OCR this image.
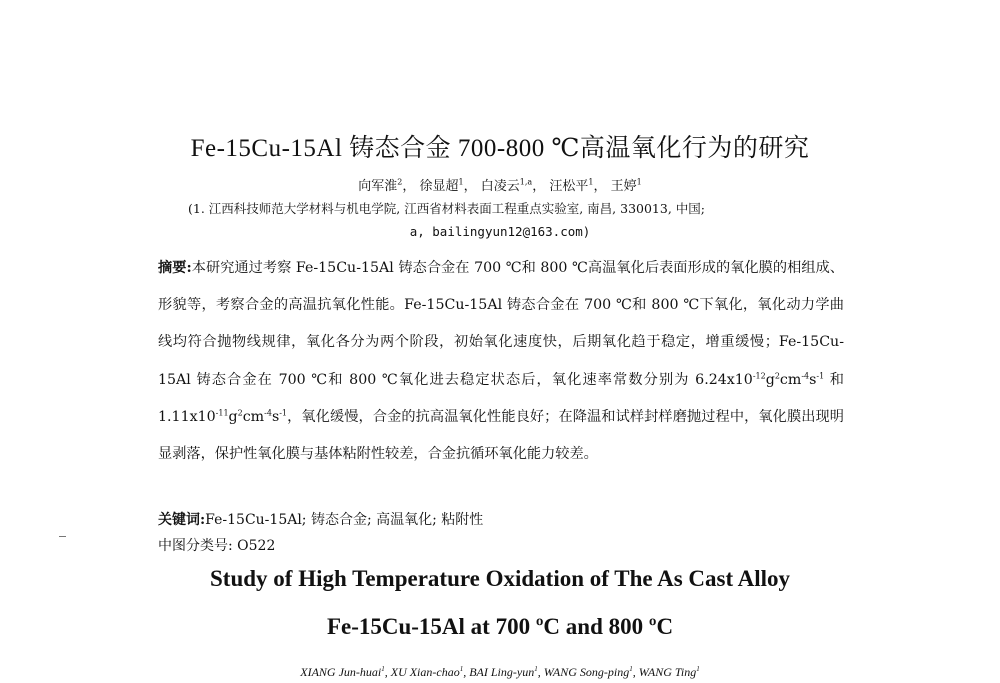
Fe-15Cu-15Al 铸态合金 700-800 ℃高温氧化行为的研究
向军淮$^2$， 徐显超$^1$， 白凌云$^{1,a}$， 汪松平$^1$， 王婷$^1$
(1. 江西科技师范大学材料与机电学院, 江西省材料表面工程重点实验室, 南昌, 330013, 中国;
a, bailingyun12@163.com)
摘要:本研究通过考察 Fe-15Cu-15Al 铸态合金在 700 ℃和 800 ℃高温氧化后表面形成的氧化膜的相组成、形貌等，考察合金的高温抗氧化性能。Fe-15Cu-15Al 铸态合金在 700 ℃和 800 ℃下氧化，氧化动力学曲线均符合抛物线规律，氧化各分为两个阶段，初始氧化速度快，后期氧化趋于稳定，增重缓慢；Fe-15Cu-15Al 铸态合金在 700 ℃和 800 ℃氧化进去稳定状态后，氧化速率常数分别为 $6.24x10^{-12}g^2cm^{-4}s^{-1}$ 和 $1.11x10^{-11}g^2cm^{-4}s^{-1}$，氧化缓慢，合金的抗高温氧化性能良好；在降温和试样封样磨抛过程中，氧化膜出现明显剥落，保护性氧化膜与基体粘附性较差，合金抗循环氧化能力较差。
关键词:Fe-15Cu-15Al; 铸态合金; 高温氧化; 粘附性
中图分类号: O522
Study of High Temperature Oxidation of The As Cast Alloy
Fe-15Cu-15Al at 700 ºC and 800 ºC
XIANG Jun-huai$^1$, XU Xian-chao$^1$, BAI Ling-yun$^1$, WANG Song-ping$^1$, WANG Ting$^1$
